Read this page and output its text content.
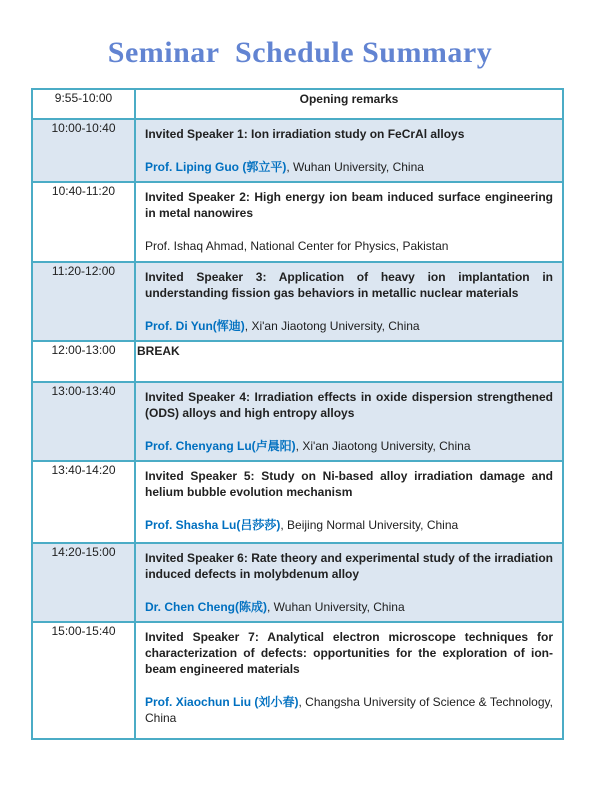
Seminar  Schedule Summary
9:55-10:00	Opening remarks
10:00-10:40	Invited Speaker 1: Ion irradiation study on FeCrAl alloys

Prof. Liping Guo (郭立平), Wuhan University, China

10:40-11:20	Invited Speaker 2: High energy ion beam induced surface engineering in metal nanowires

Prof. Ishaq Ahmad, National Center for Physics, Pakistan

11:20-12:00	Invited Speaker 3: Application of heavy ion implantation in understanding fission gas behaviors in metallic nuclear materials

Prof. Di Yun(恽迪), Xi'an Jiaotong University, China

12:00-13:00	BREAK
13:00-13:40	Invited Speaker 4: Irradiation effects in oxide dispersion strengthened (ODS) alloys and high entropy alloys

Prof. Chenyang Lu(卢晨阳), Xi'an Jiaotong University, China

13:40-14:20	Invited Speaker 5: Study on Ni-based alloy irradiation damage and helium bubble evolution mechanism

Prof. Shasha Lu(吕莎莎), Beijing Normal University, China

14:20-15:00	Invited Speaker 6: Rate theory and experimental study of the irradiation induced defects in molybdenum alloy

Dr. Chen Cheng(陈成), Wuhan University, China

15:00-15:40	Invited Speaker 7: Analytical electron microscope techniques for characterization of defects: opportunities for the exploration of ion-beam engineered materials

Prof. Xiaochun Liu (刘小春), Changsha University of Science & Technology, China
